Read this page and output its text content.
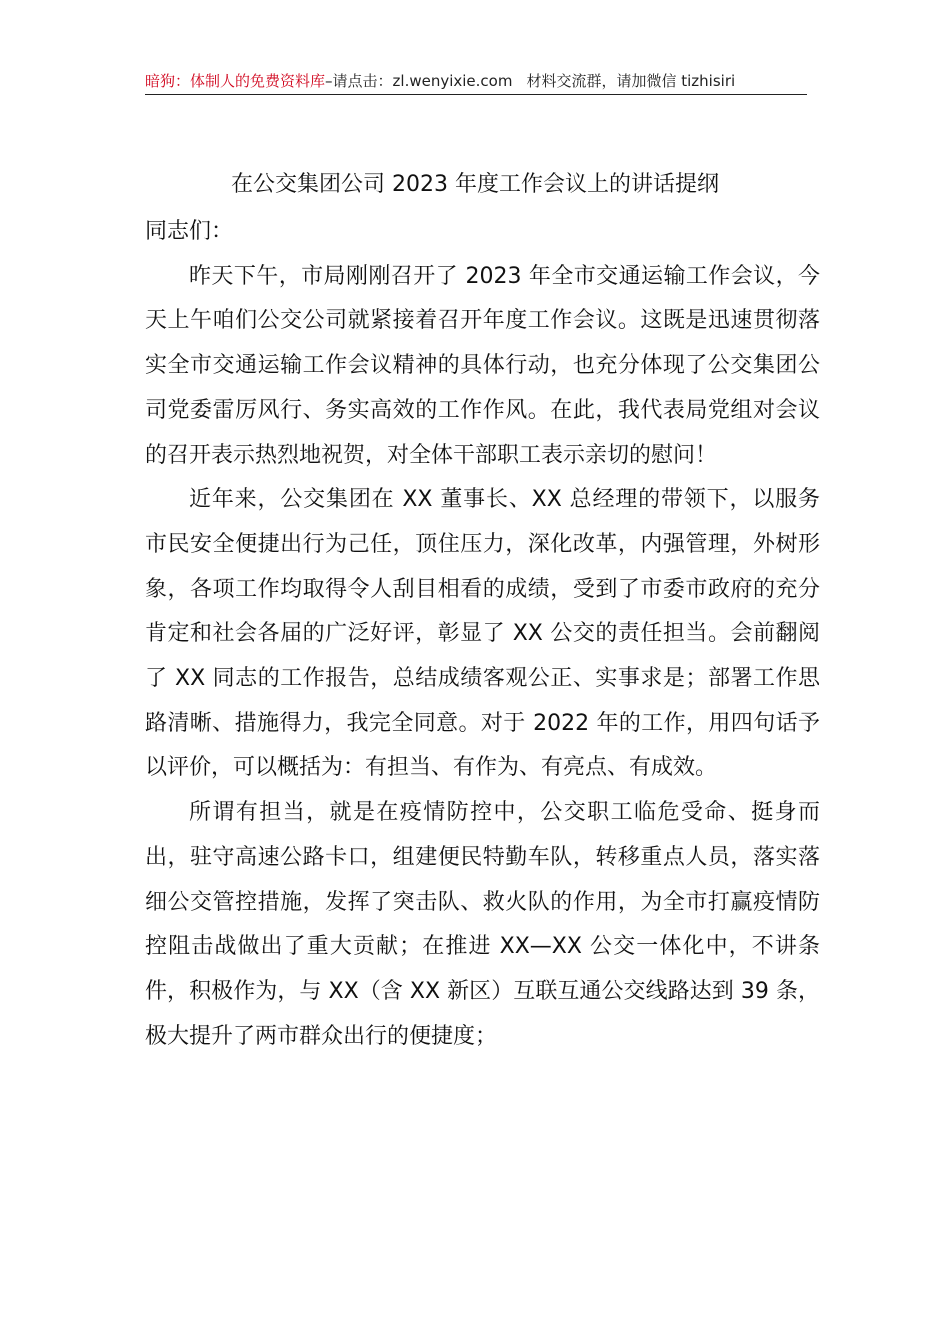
暗狗：体制人的免费资料库–请点击：zl.wenyixie.com 材料交流群，请加微信 tizhisiri
在公交集团公司 2023 年度工作会议上的讲话提纲

同志们：

昨天下午，市局刚刚召开了 2023 年全市交通运输工作会议，今天上午咱们公交公司就紧接着召开年度工作会议。这既是迅速贯彻落实全市交通运输工作会议精神的具体行动，也充分体现了公交集团公司党委雷厉风行、务实高效的工作作风。在此，我代表局党组对会议的召开表示热烈地祝贺，对全体干部职工表示亲切的慰问！

近年来，公交集团在 XX 董事长、XX 总经理的带领下，以服务市民安全便捷出行为己任，顶住压力，深化改革，内强管理，外树形象，各项工作均取得令人刮目相看的成绩，受到了市委市政府的充分肯定和社会各届的广泛好评，彰显了 XX 公交的责任担当。会前翻阅了 XX 同志的工作报告，总结成绩客观公正、实事求是；部署工作思路清晰、措施得力，我完全同意。对于 2022 年的工作，用四句话予以评价，可以概括为：有担当、有作为、有亮点、有成效。

所谓有担当，就是在疫情防控中，公交职工临危受命、挺身而出，驻守高速公路卡口，组建便民特勤车队，转移重点人员，落实落细公交管控措施，发挥了突击队、救火队的作用，为全市打赢疫情防控阻击战做出了重大贡献；在推进 XX—XX 公交一体化中，不讲条件，积极作为，与 XX（含 XX 新区）互联互通公交线路达到 39 条，极大提升了两市群众出行的便捷度；
